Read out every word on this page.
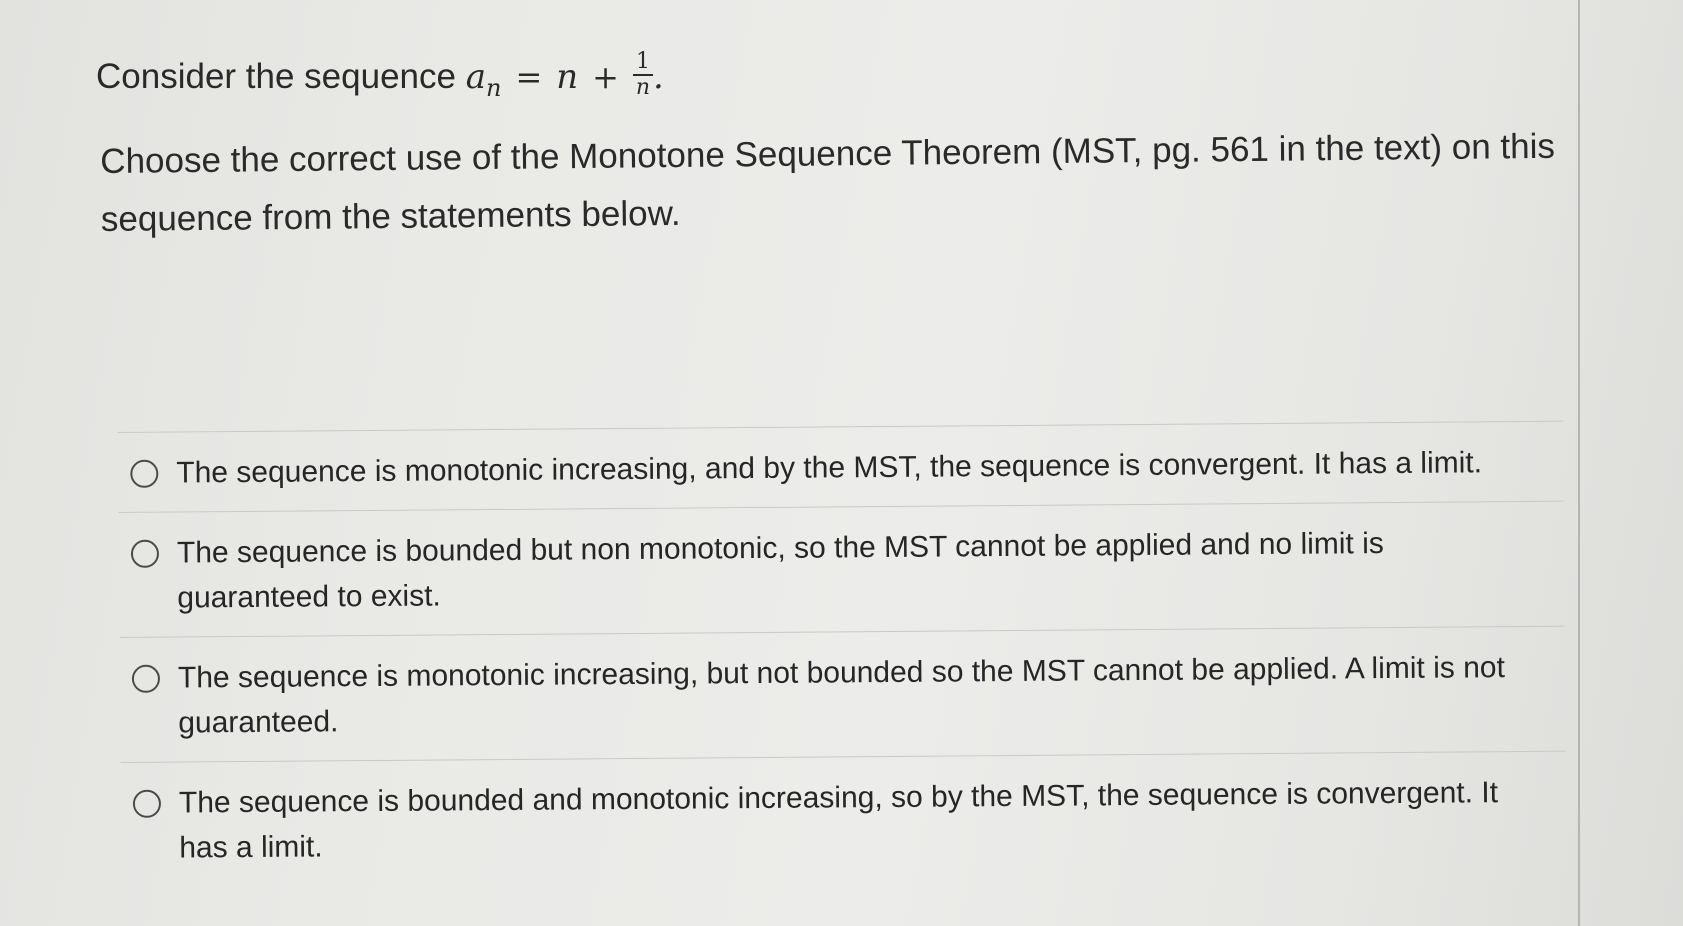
Consider the sequence $a_n = n + \frac{1}{n}$ .
Choose the correct use of the Monotone Sequence Theorem (MST, pg. 561 in the text) on this sequence from the statements below.
The sequence is monotonic increasing, and by the MST, the sequence is convergent. It has a limit.
The sequence is bounded but non monotonic, so the MST cannot be applied and no limit is guaranteed to exist.
The sequence is monotonic increasing, but not bounded so the MST cannot be applied. A limit is not guaranteed.
The sequence is bounded and monotonic increasing, so by the MST, the sequence is convergent. It has a limit.
